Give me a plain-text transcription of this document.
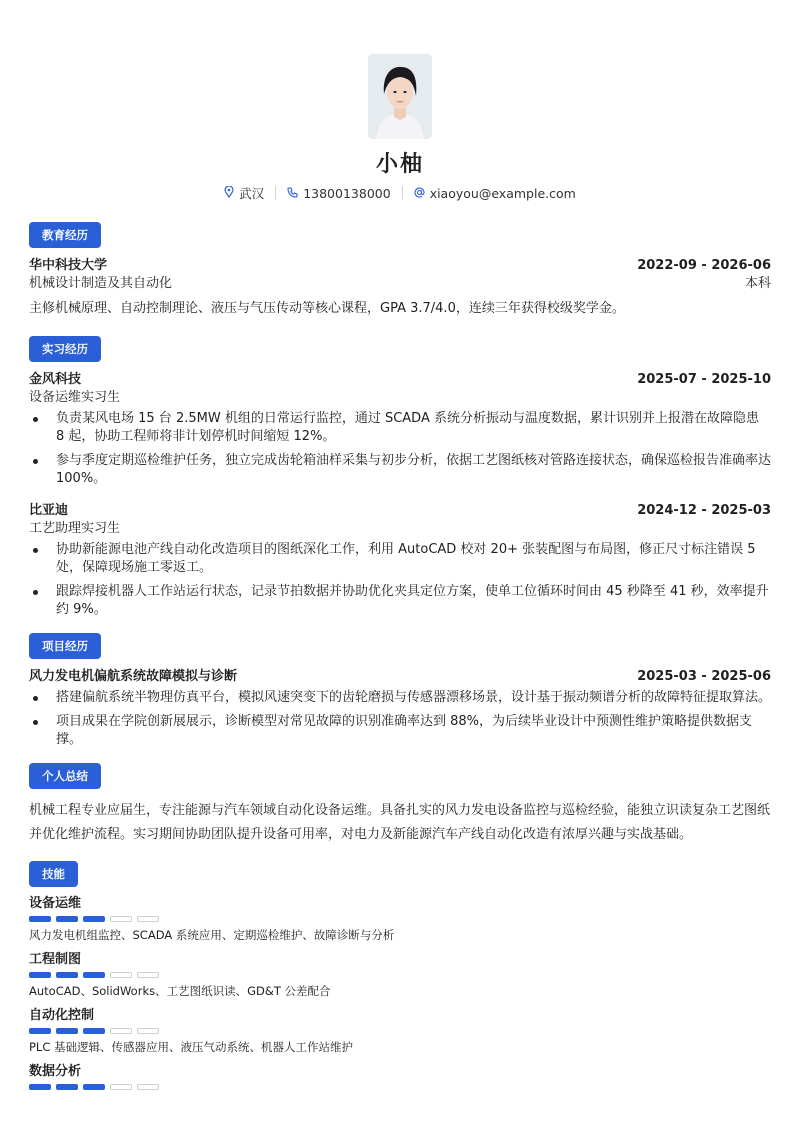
小柚
武汉	13800138000	xiaoyou@example.com
教育经历
华中科技大学	2022-09 - 2026-06
机械设计制造及其自动化	本科
主修机械原理、自动控制理论、液压与气压传动等核心课程，GPA 3.7/4.0，连续三年获得校级奖学金。
实习经历
金风科技	2025-07 - 2025-10
设备运维实习生
负责某风电场 15 台 2.5MW 机组的日常运行监控，通过 SCADA 系统分析振动与温度数据，累计识别并上报潜在故障隐患 8 起，协助工程师将非计划停机时间缩短 12%。
参与季度定期巡检维护任务，独立完成齿轮箱油样采集与初步分析，依据工艺图纸核对管路连接状态，确保巡检报告准确率达 100%。
比亚迪	2024-12 - 2025-03
工艺助理实习生
协助新能源电池产线自动化改造项目的图纸深化工作，利用 AutoCAD 校对 20+ 张装配图与布局图，修正尺寸标注错误 5 处，保障现场施工零返工。
跟踪焊接机器人工作站运行状态，记录节拍数据并协助优化夹具定位方案，使单工位循环时间由 45 秒降至 41 秒，效率提升约 9%。
项目经历
风力发电机偏航系统故障模拟与诊断	2025-03 - 2025-06
搭建偏航系统半物理仿真平台，模拟风速突变下的齿轮磨损与传感器漂移场景，设计基于振动频谱分析的故障特征提取算法。
项目成果在学院创新展展示，诊断模型对常见故障的识别准确率达到 88%，为后续毕业设计中预测性维护策略提供数据支撑。
个人总结
机械工程专业应届生，专注能源与汽车领域自动化设备运维。具备扎实的风力发电设备监控与巡检经验，能独立识读复杂工艺图纸并优化维护流程。实习期间协助团队提升设备可用率，对电力及新能源汽车产线自动化改造有浓厚兴趣与实战基础。
技能
设备运维
风力发电机组监控、SCADA 系统应用、定期巡检维护、故障诊断与分析
工程制图
AutoCAD、SolidWorks、工艺图纸识读、GD&T 公差配合
自动化控制
PLC 基础逻辑、传感器应用、液压气动系统、机器人工作站维护
数据分析
